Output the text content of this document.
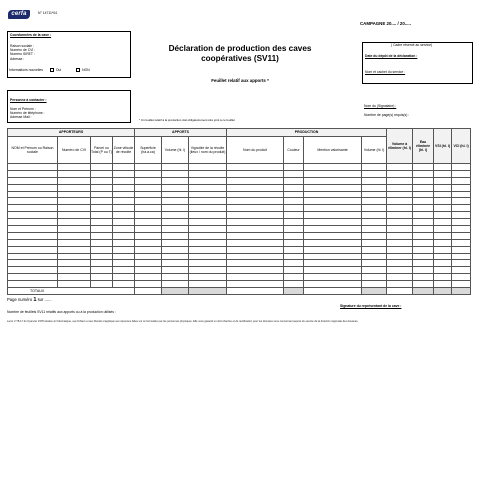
cerfa	N° 14711*04
CAMPAGNE 20.... / 20.....
Déclaration de production des caves
coopératives (SV11)
Feuillet relatif aux apports *
Coordonnées de la cave :
Raison sociale :
Numéro de CVI :
Numéro SIRET :
Adresse :
Informations nouvelles	Oui	NON
( Cadre réservé au service)
Date du dépôt de la déclaration :
Nom et cachet du service :
Personne à contacter :
Nom et Prénom :
Numéro de téléphone :
Adresse Mail :
* Un feuillet relatif à la production doit obligatoirement être joint à ce feuillet
Nom du (Signataire) :
Nombre de page(s) requis(s) :
APPORTEURS				APPORTS			PRODUCTION				Volume à éliminer (hl. l)	Eau éliminée (hl. l)	VSI (hl. l)	VCI (hl. l)
NOM et Prénom ou Raison sociale	Numéro de CVI	Parcel ou Total (P ou T)	Zone viticole de récolte	Superficie (ha.a.ca)	Volume (hl. l)	Vignoble de la récolte (lieux / nom du produit)	Nom du produit	Couleur	Mention valorisante	Volume (hl. l)				

TOTAUX														
Page numéro 1 sur ......
Signature du représentant de la cave :
Nombre de feuillets SV11 relatifs aux apports ou à la production utilisés :
La loi n°78-17 du 6 janvier 1978 relative à l'informatique, aux fichiers et aux libertés s'applique aux réponses faites sur ce formulaire par les personnes physiques. Elle vous garantit un droit d'accès et de rectification pour les données vous concernant auprès du service de la direction régionale des douanes.
